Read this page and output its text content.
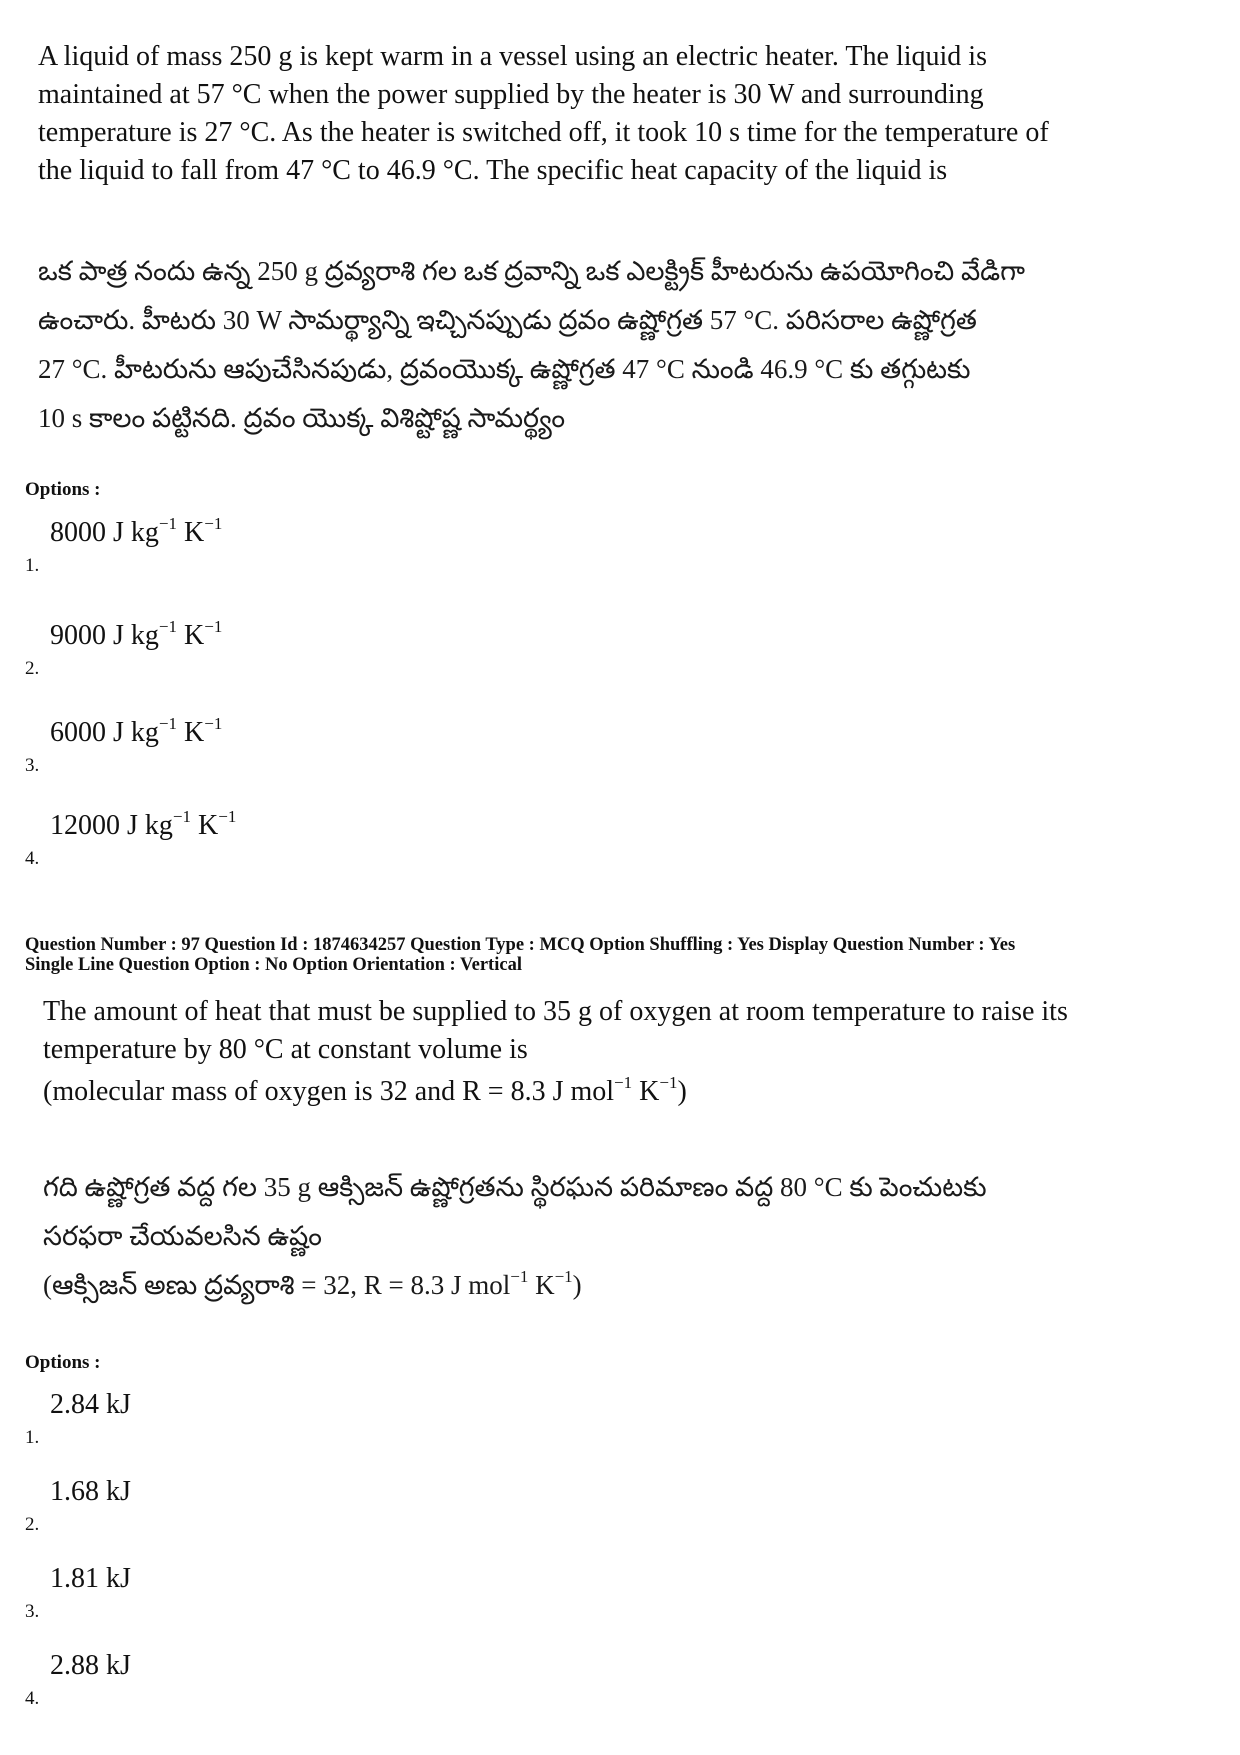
A liquid of mass 250 g is kept warm in a vessel using an electric heater. The liquid is

maintained at 57 °C when the power supplied by the heater is 30 W and surrounding

temperature is 27 °C. As the heater is switched off, it took 10 s time for the temperature of

the liquid to fall from 47 °C to 46.9 °C. The specific heat capacity of the liquid is

ఒక పాత్ర నందు ఉన్న 250 g ద్రవ్యరాశి గల ఒక ద్రవాన్ని ఒక ఎలక్ట్రిక్ హీటరును ఉపయోగించి వేడిగా

ఉంచారు. హీటరు 30 W సామర్థ్యాన్ని ఇచ్చినప్పుడు ద్రవం ఉష్ణోగ్రత 57 °C. పరిసరాల ఉష్ణోగ్రత

27 °C. హీటరును ఆపుచేసినపుడు, ద్రవంయొక్క ఉష్ణోగ్రత 47 °C నుండి 46.9 °C కు తగ్గుటకు

10 s కాలం పట్టినది. ద్రవం యొక్క విశిష్టోష్ణ సామర్థ్యం

Options :
1.
8000 J $kg^{-1}$ $K^{-1}$
2.
9000 J $kg^{-1}$ $K^{-1}$
3.
6000 J $kg^{-1}$ $K^{-1}$
4.
12000 J $kg^{-1}$ $K^{-1}$
Question Number : 97 Question Id : 1874634257 Question Type : MCQ Option Shuffling : Yes Display Question Number : Yes
Single Line Question Option : No Option Orientation : Vertical

The amount of heat that must be supplied to 35 g of oxygen at room temperature to raise its

temperature by 80 °C at constant volume is

(molecular mass of oxygen is 32 and R = 8.3 J mol$^{-1}$ $K^{-1}$)

గది ఉష్ణోగ్రత వద్ద గల 35 g ఆక్సిజన్ ఉష్ణోగ్రతను స్థిరఘన పరిమాణం వద్ద 80 °C కు పెంచుటకు

సరఫరా చేయవలసిన ఉష్ణం

(ఆక్సిజన్ అణు ద్రవ్యరాశి = 32, R = 8.3 J mol$^{-1}$ $K^{-1}$)

Options :
1.
2.84 kJ
2.
1.68 kJ
3.
1.81 kJ
4.
2.88 kJ
